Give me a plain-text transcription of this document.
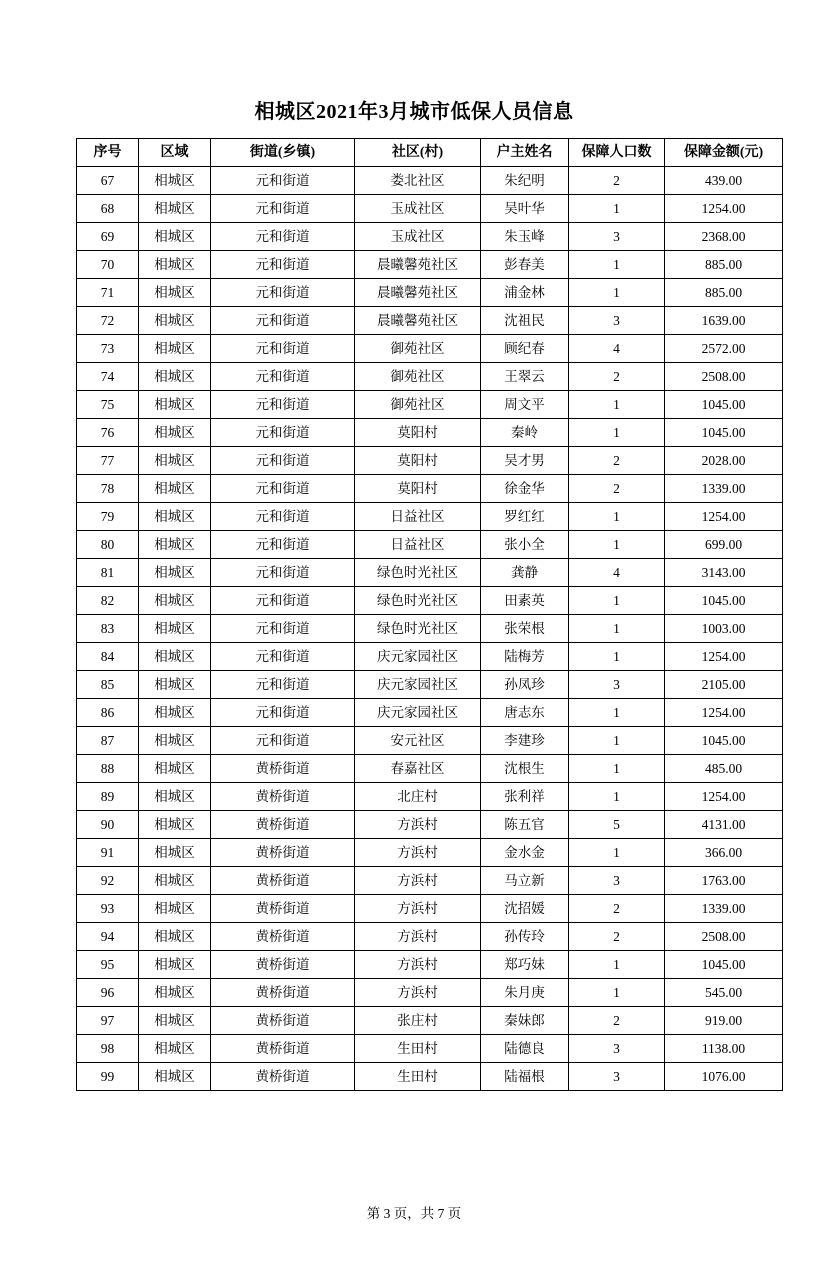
相城区2021年3月城市低保人员信息
序号	区域	街道(乡镇)	社区(村)	户主姓名	保障人口数	保障金额(元)
67	相城区	元和街道	娄北社区	朱纪明	2	439.00
68	相城区	元和街道	玉成社区	吴叶华	1	1254.00
69	相城区	元和街道	玉成社区	朱玉峰	3	2368.00
70	相城区	元和街道	晨曦馨苑社区	彭春美	1	885.00
71	相城区	元和街道	晨曦馨苑社区	浦金林	1	885.00
72	相城区	元和街道	晨曦馨苑社区	沈祖民	3	1639.00
73	相城区	元和街道	御苑社区	顾纪春	4	2572.00
74	相城区	元和街道	御苑社区	王翠云	2	2508.00
75	相城区	元和街道	御苑社区	周文平	1	1045.00
76	相城区	元和街道	莫阳村	秦岭	1	1045.00
77	相城区	元和街道	莫阳村	吴才男	2	2028.00
78	相城区	元和街道	莫阳村	徐金华	2	1339.00
79	相城区	元和街道	日益社区	罗红红	1	1254.00
80	相城区	元和街道	日益社区	张小全	1	699.00
81	相城区	元和街道	绿色时光社区	龚静	4	3143.00
82	相城区	元和街道	绿色时光社区	田素英	1	1045.00
83	相城区	元和街道	绿色时光社区	张荣根	1	1003.00
84	相城区	元和街道	庆元家园社区	陆梅芳	1	1254.00
85	相城区	元和街道	庆元家园社区	孙凤珍	3	2105.00
86	相城区	元和街道	庆元家园社区	唐志东	1	1254.00
87	相城区	元和街道	安元社区	李建珍	1	1045.00
88	相城区	黄桥街道	春嘉社区	沈根生	1	485.00
89	相城区	黄桥街道	北庄村	张利祥	1	1254.00
90	相城区	黄桥街道	方浜村	陈五官	5	4131.00
91	相城区	黄桥街道	方浜村	金水金	1	366.00
92	相城区	黄桥街道	方浜村	马立新	3	1763.00
93	相城区	黄桥街道	方浜村	沈招媛	2	1339.00
94	相城区	黄桥街道	方浜村	孙传玲	2	2508.00
95	相城区	黄桥街道	方浜村	郑巧妹	1	1045.00
96	相城区	黄桥街道	方浜村	朱月庚	1	545.00
97	相城区	黄桥街道	张庄村	秦妹郎	2	919.00
98	相城区	黄桥街道	生田村	陆德良	3	1138.00
99	相城区	黄桥街道	生田村	陆福根	3	1076.00
第 3 页，共 7 页
